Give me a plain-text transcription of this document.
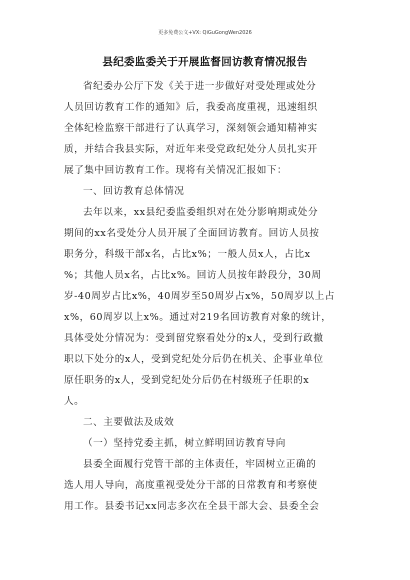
更多免费公文+VX: QiGuGongWen2026
县纪委监委关于开展监督回访教育情况报告
省纪委办公厅下发《关于进一步做好对受处理或处分
人员回访教育工作的通知》后，我委高度重视，迅速组织
全体纪检监察干部进行了认真学习，深刻领会通知精神实
质，并结合我县实际，对近年来受党政纪处分人员扎实开
展了集中回访教育工作。现将有关情况汇报如下：
一、回访教育总体情况
去年以来，xx县纪委监委组织对在处分影响期或处分
期间的xx名受处分人员开展了全面回访教育。回访人员按
职务分，科级干部x名，占比x%；一般人员x人，占比x
%；其他人员x名，占比x%。回访人员按年龄段分，30周
岁-40周岁占比x%，40周岁至50周岁占x%，50周岁以上占
x%，60周岁以上x%。通过对219名回访教育对象的统计，
具体受处分情况为：受到留党察看处分的x人，受到行政撤
职以下处分的x人，受到党纪处分后仍在机关、企事业单位
原任职务的x人，受到党纪处分后仍在村级班子任职的x
人。
二、主要做法及成效
（一）坚持党委主抓，树立鲜明回访教育导向
县委全面履行党管干部的主体责任，牢固树立正确的
选人用人导向，高度重视受处分干部的日常教育和考察使
用工作。县委书记xx同志多次在全县干部大会、县委全会
